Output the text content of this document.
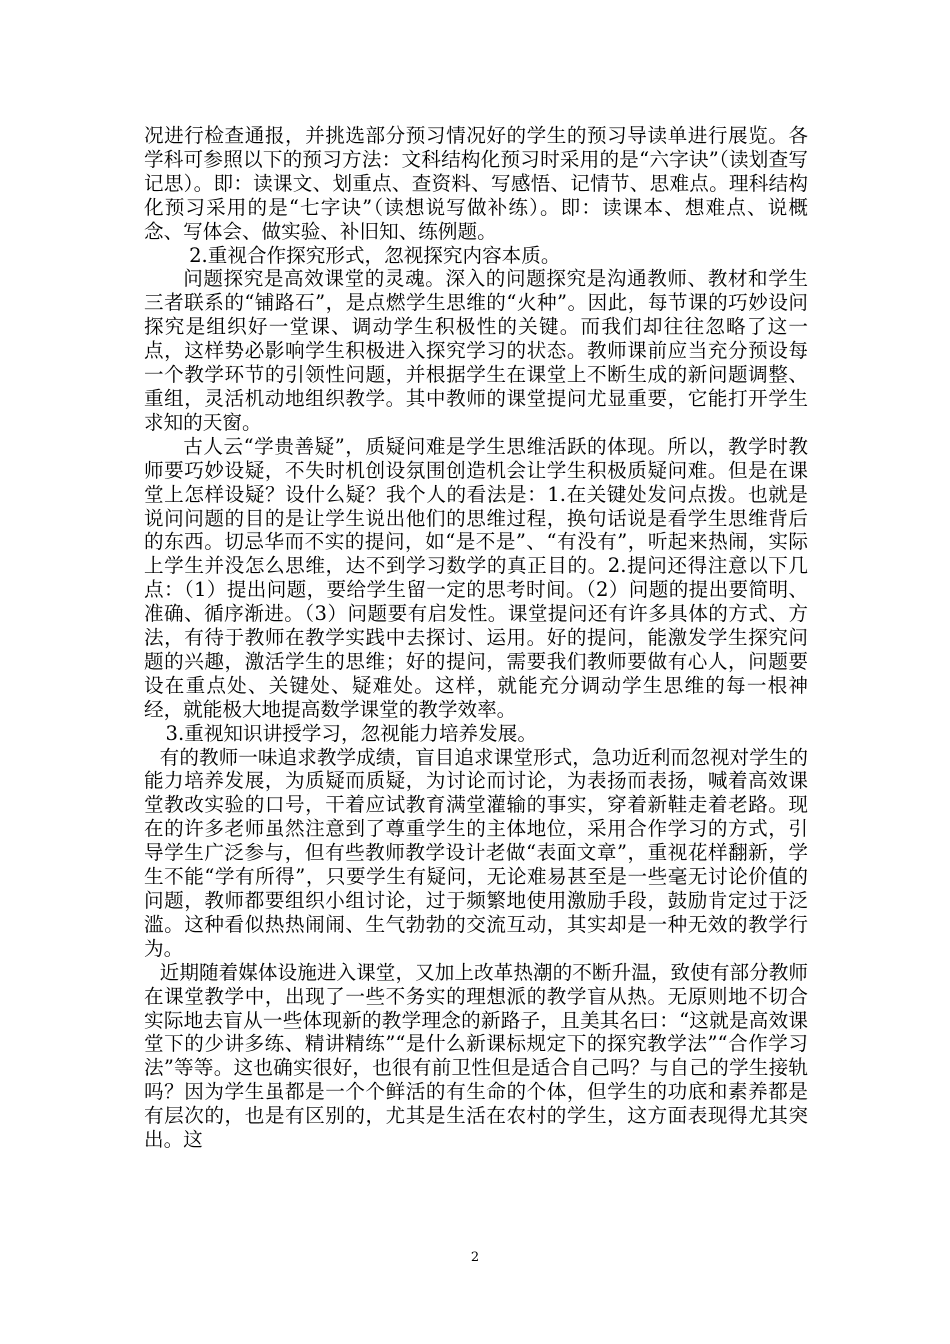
况进行检查通报，并挑选部分预习情况好的学生的预习导读单进行展览。各学科可参照以下的预习方法：文科结构化预习时采用的是“六字诀”（读划查写记思）。即：读课文、划重点、查资料、写感悟、记情节、思难点。理科结构化预习采用的是“七字诀”（读想说写做补练）。即：读课本、想难点、说概念、写体会、做实验、补旧知、练例题。

2.重视合作探究形式，忽视探究内容本质。

问题探究是高效课堂的灵魂。深入的问题探究是沟通教师、教材和学生三者联系的“铺路石”，是点燃学生思维的“火种”。因此，每节课的巧妙设问探究是组织好一堂课、调动学生积极性的关键。而我们却往往忽略了这一点，这样势必影响学生积极进入探究学习的状态。教师课前应当充分预设每一个教学环节的引领性问题，并根据学生在课堂上不断生成的新问题调整、重组，灵活机动地组织教学。其中教师的课堂提问尤显重要，它能打开学生求知的天窗。

古人云“学贵善疑”，质疑问难是学生思维活跃的体现。所以，教学时教师要巧妙设疑，不失时机创设氛围创造机会让学生积极质疑问难。但是在课堂上怎样设疑？设什么疑？我个人的看法是：1.在关键处发问点拨。也就是说问问题的目的是让学生说出他们的思维过程，换句话说是看学生思维背后的东西。切忌华而不实的提问，如“是不是”、“有没有”，听起来热闹，实际上学生并没怎么思维，达不到学习数学的真正目的。2.提问还得注意以下几点：（1）提出问题，要给学生留一定的思考时间。（2）问题的提出要简明、准确、循序渐进。（3）问题要有启发性。课堂提问还有许多具体的方式、方法，有待于教师在教学实践中去探讨、运用。好的提问，能激发学生探究问题的兴趣，激活学生的思维；好的提问，需要我们教师要做有心人，问题要设在重点处、关键处、疑难处。这样，就能充分调动学生思维的每一根神经，就能极大地提高数学课堂的教学效率。

3.重视知识讲授学习，忽视能力培养发展。

有的教师一味追求教学成绩，盲目追求课堂形式，急功近利而忽视对学生的能力培养发展，为质疑而质疑，为讨论而讨论，为表扬而表扬，喊着高效课堂教改实验的口号，干着应试教育满堂灌输的事实，穿着新鞋走着老路。现在的许多老师虽然注意到了尊重学生的主体地位，采用合作学习的方式，引导学生广泛参与，但有些教师教学设计老做“表面文章”，重视花样翻新，学生不能“学有所得”，只要学生有疑问，无论难易甚至是一些毫无讨论价值的问题，教师都要组织小组讨论，过于频繁地使用激励手段，鼓励肯定过于泛滥。这种看似热热闹闹、生气勃勃的交流互动，其实却是一种无效的教学行为。

近期随着媒体设施进入课堂，又加上改革热潮的不断升温，致使有部分教师在课堂教学中，出现了一些不务实的理想派的教学盲从热。无原则地不切合实际地去盲从一些体现新的教学理念的新路子，且美其名曰：“这就是高效课堂下的少讲多练、精讲精练”“是什么新课标规定下的探究教学法”“合作学习法”等等。这也确实很好，也很有前卫性但是适合自己吗？与自己的学生接轨吗？因为学生虽都是一个个鲜活的有生命的个体，但学生的功底和素养都是有层次的，也是有区别的，尤其是生活在农村的学生，这方面表现得尤其突出。这

2
